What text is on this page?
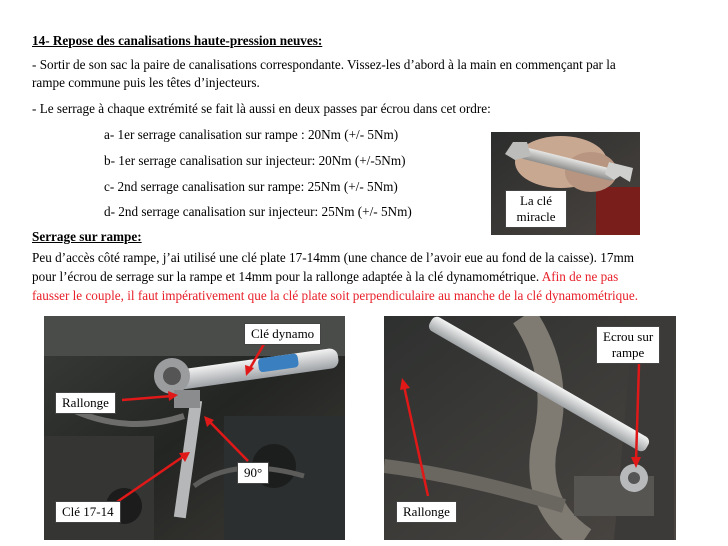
14- Repose des canalisations haute-pression neuves:
- Sortir de son sac la paire de canalisations correspondante. Vissez-les d’abord à la main en commençant par la
rampe commune puis les têtes d’injecteurs.
- Le serrage à chaque extrémité se fait là aussi en deux passes par écrou dans cet ordre:
a- 1er serrage canalisation sur rampe : 20Nm (+/- 5Nm)
b- 1er serrage canalisation sur injecteur: 20Nm (+/-5Nm)
c- 2nd serrage canalisation sur rampe: 25Nm (+/- 5Nm)
d- 2nd serrage canalisation sur injecteur: 25Nm (+/- 5Nm)
Serrage sur rampe:
Peu d’accès côté rampe, j’ai utilisé une clé plate 17-14mm (une chance de l’avoir eue au fond de la caisse). 17mm
pour l’écrou de serrage sur la rampe et 14mm pour la rallonge adaptée à la clé dynamométrique. Afin de ne pas
fausser le couple, il faut impérativement que la clé plate soit perpendiculaire au manche de la clé dynamométrique.
La clé
miracle
Clé dynamo
Rallonge
90°
Clé 17-14
Ecrou sur
rampe
Rallonge
